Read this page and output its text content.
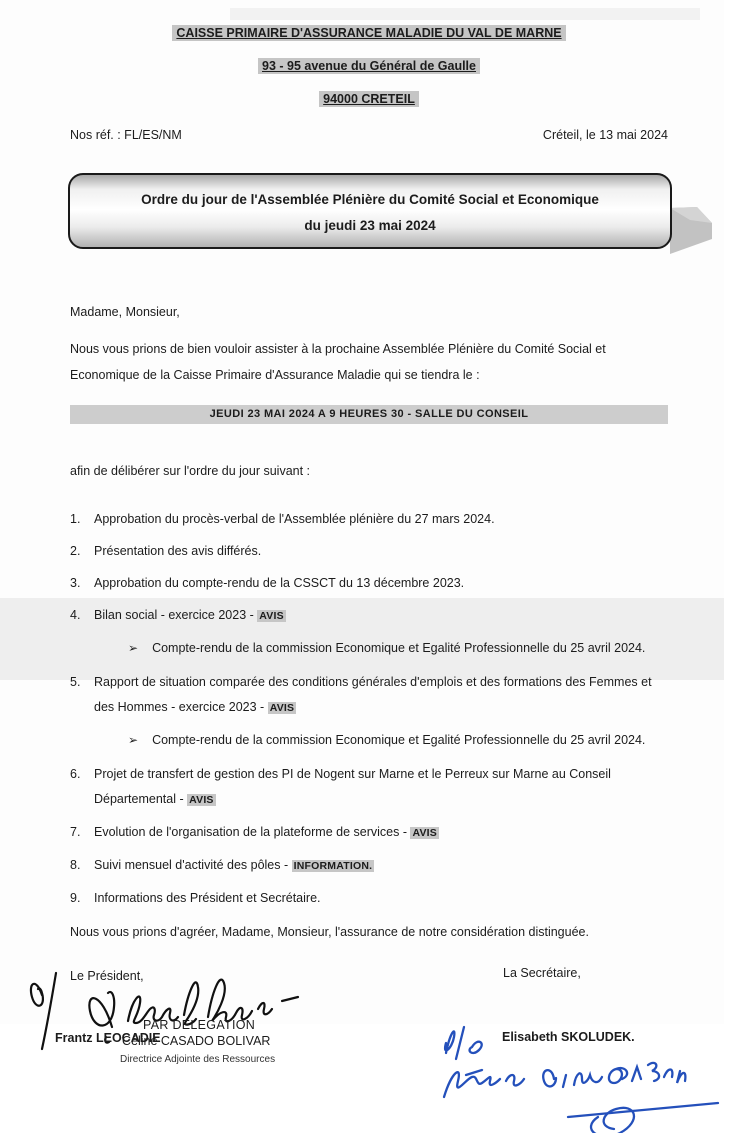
CAISSE PRIMAIRE D'ASSURANCE MALADIE DU VAL DE MARNE
93 - 95 avenue du Général de Gaulle
94000 CRETEIL
Nos réf. : FL/ES/NM	Créteil, le 13 mai 2024
Ordre du jour de l'Assemblée Plénière du Comité Social et Economique
du jeudi 23 mai 2024

Madame, Monsieur,

Nous vous prions de bien vouloir assister à la prochaine Assemblée Plénière du Comité Social et Economique de la Caisse Primaire d'Assurance Maladie qui se tiendra le :

JEUDI 23 MAI 2024 A 9 HEURES 30 - SALLE DU CONSEIL

afin de délibérer sur l'ordre du jour suivant :

1.	Approbation du procès-verbal de l'Assemblée plénière du 27 mars 2024.
2.	Présentation des avis différés.
3.	Approbation du compte-rendu de la CSSCT du 13 décembre 2023.
4.	Bilan social - exercice 2023 - AVIS
➢ Compte-rendu de la commission Economique et Egalité Professionnelle du 25 avril 2024.
5.	Rapport de situation comparée des conditions générales d'emplois et des formations des Femmes et des Hommes - exercice 2023 - AVIS
➢ Compte-rendu de la commission Economique et Egalité Professionnelle du 25 avril 2024.
6.	Projet de transfert de gestion des PI de Nogent sur Marne et le Perreux sur Marne au Conseil Départemental - AVIS
7.	Evolution de l'organisation de la plateforme de services - AVIS
8.	Suivi mensuel d'activité des pôles - INFORMATION.
9.	Informations des Président et Secrétaire.

Nous vous prions d'agréer, Madame, Monsieur, l'assurance de notre considération distinguée.

Le Président,	La Secrétaire,
PAR DELEGATION
Frantz LEOCADIE
Céline CASADO BOLIVAR
Directrice Adjointe des Ressources
Elisabeth SKOLUDEK.
